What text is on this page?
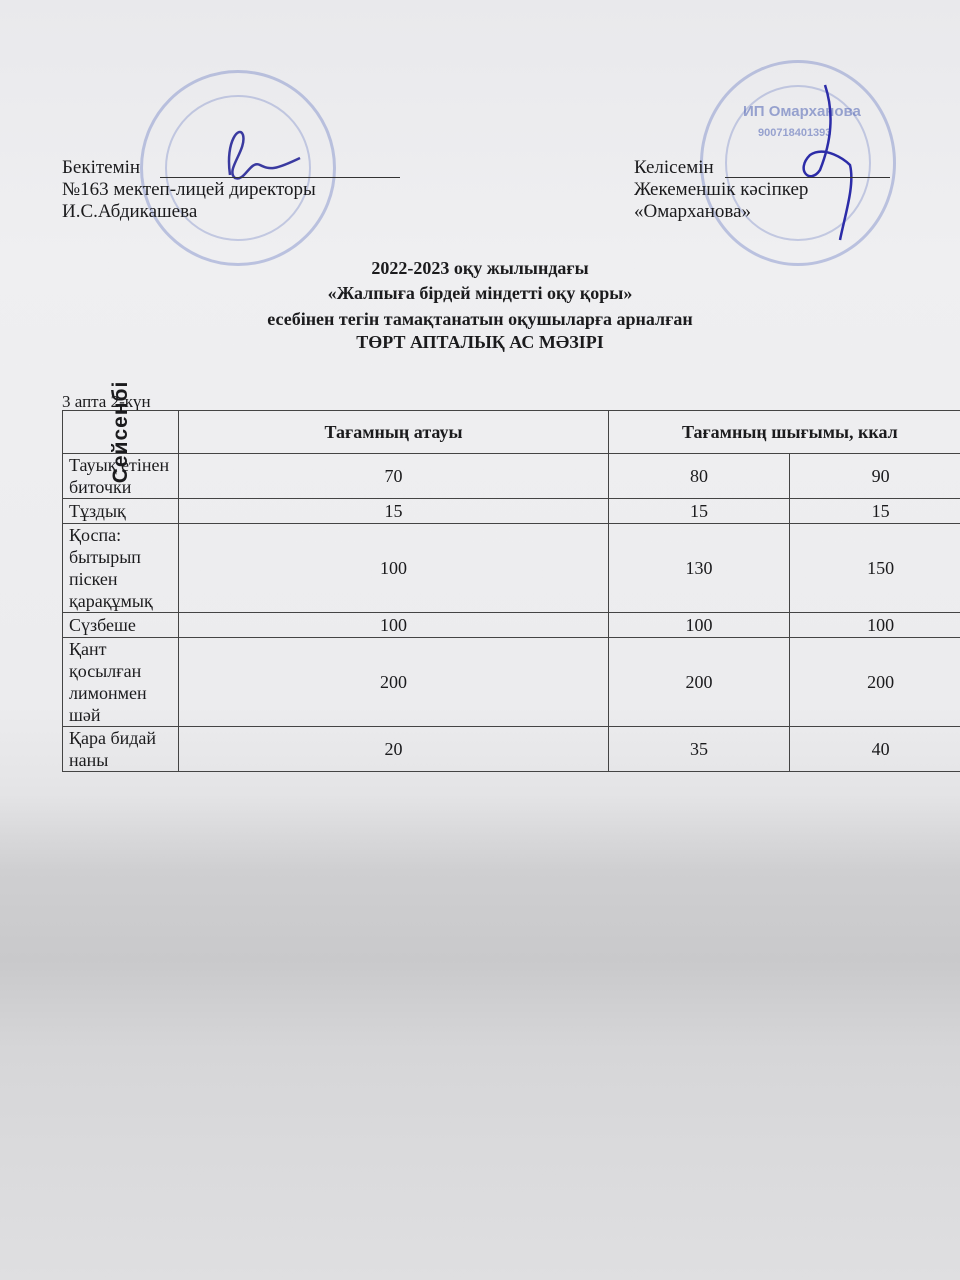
ИП Омарханова
900718401393
Бекітемін
№163 мектеп-лицей директоры
И.С.Абдикашева
Келісемін
Жекеменшік кәсіпкер
«Омарханова»
2022-2023 оқу жылындағы
«Жалпыға бірдей міндетті оқу қоры»
есебінен тегін тамақтанатын оқушыларға арналған
ТӨРТ АПТАЛЫҚ АС МӘЗІРІ
3 апта 2-күн
Сейсенбі	Тағамның атауы	Тағамның шығымы, ккал	
Тауық етінен биточки	70	80	90
Тұздық	15	15	15
Қоспа: бытырып піскен қарақұмық	100	130	150
Сүзбеше	100	100	100
Қант қосылған лимонмен шәй	200	200	200
Қара бидай наны	20	35	40
